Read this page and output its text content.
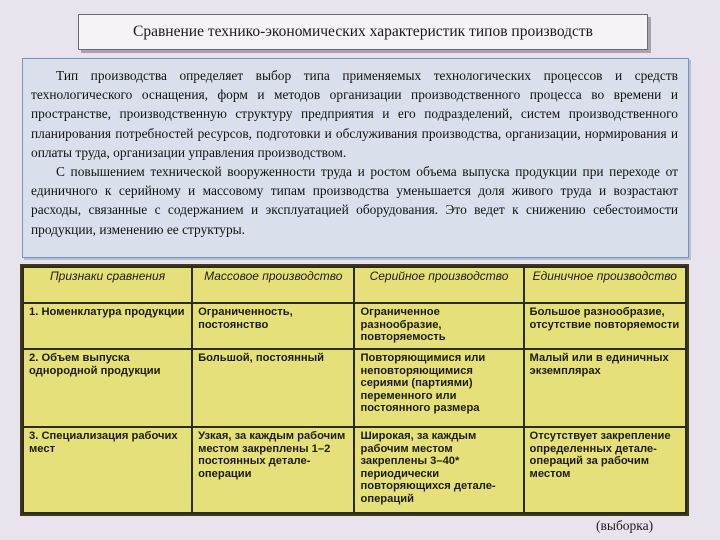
Сравнение технико-экономических характеристик типов производств

Тип производства определяет выбор типа применяемых технологических процессов и средств технологического оснащения, форм и методов организации производственного процесса во времени и пространстве, производственную структуру предприятия и его подразделений, систем производственного планирования потребностей ресурсов, подготовки и обслуживания производства, организации, нормирования и оплаты труда, организации управления производством.

С повышением технической вооруженности труда и ростом объема выпуска продукции при переходе от единичного к серийному и массовому типам производства уменьшается доля живого труда и возрастают расходы, связанные с содержанием и эксплуатацией оборудования. Это ведет к снижению себестоимости продукции, изменению ее структуры.

Признаки сравнения	Массовое производство	Серийное производство	Единичное производство
1. Номенклатура продукции	Ограниченность, постоянство	Ограниченное разнообразие, повторяемость	Большое разнообразие, отсутствие повторяемости
2. Объем выпуска однородной продукции	Большой, постоянный	Повторяющимися или неповторяющимися сериями (партиями) переменного или постоянного размера	Малый или в единичных экземплярах
3. Специализация рабочих мест	Узкая, за каждым рабочим местом закреплены 1–2 постоянных детале-операции	Широкая, за каждым рабочим местом закреплены 3–40* периодически повторяющихся детале-операций	Отсутствует закрепление определенных детале-операций за рабочим местом
(выборка)
